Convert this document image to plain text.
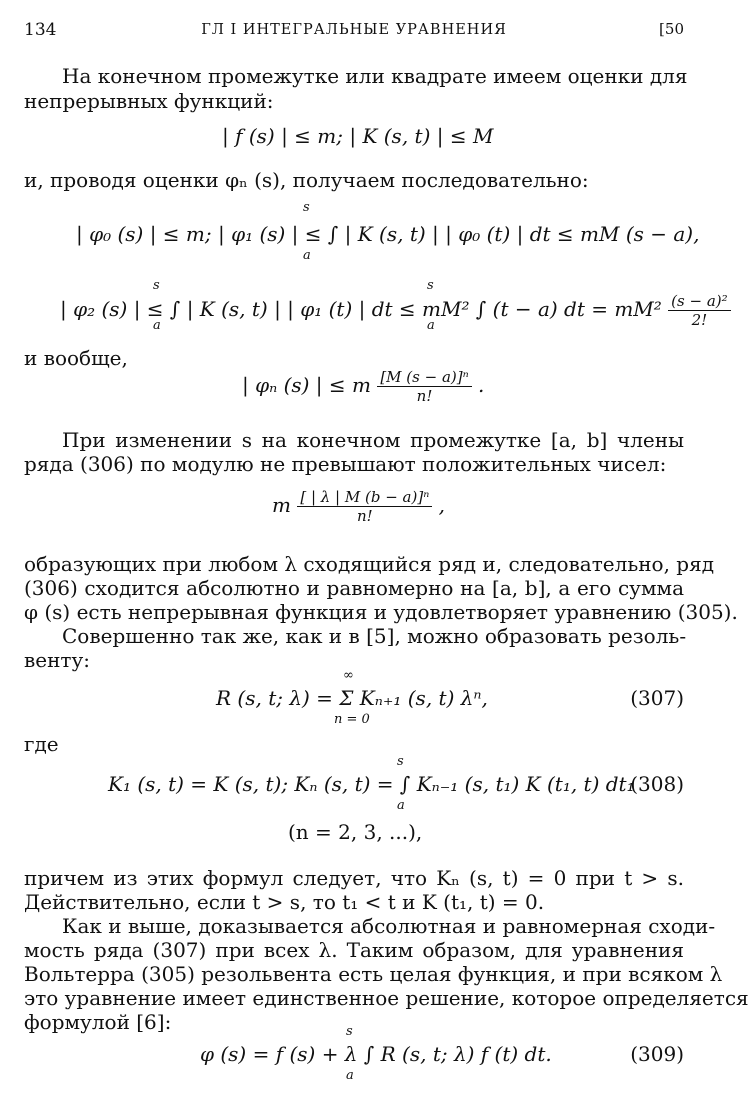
134	ГЛ I ИНТЕГРАЛЬНЫЕ УРАВНЕНИЯ	[50
На конечном промежутке или квадрате имеем оценки для
непрерывных функций:
| f (s) | ≤ m; | K (s, t) | ≤ M
и, проводя оценки φₙ (s), получаем последовательно:
s
| φ₀ (s) | ≤ m; | φ₁ (s) | ≤ ∫ | K (s, t) | | φ₀ (t) | dt ≤ mM (s − a),
a
s	s
| φ₂ (s) | ≤ ∫ | K (s, t) | | φ₁ (t) | dt ≤ mM² ∫ (t − a) dt = $mM^2 \frac{\text{(s − a)²}}{2!}$
a	a
и вообще,
| φₙ (s) | ≤ m $\frac{\text{[M (s − a)]ⁿ}}{n!}$ .
При изменении s на конечном промежутке [a, b] члены
ряда (306) по модулю не превышают положительных чисел:
m $\frac{\text{[ | λ | M (b − a)]ⁿ}}{n!}$ ,
образующих при любом λ сходящийся ряд и, следовательно, ряд
(306) сходится абсолютно и равномерно на [a, b], а его сумма
φ (s) есть непрерывная функция и удовлетворяет уравнению (305).
Совершенно так же, как и в [5], можно образовать резоль-
венту:
∞
R (s, t; λ) = Σ Kₙ₊₁ (s, t) λⁿ,	(307)
n = 0
где
s
K₁ (s, t) = K (s, t); Kₙ (s, t) = ∫ Kₙ₋₁ (s, t₁) K (t₁, t) dt₁
(308)
a
(n = 2, 3, ...),
причем из этих формул следует, что Kₙ (s, t) = 0 при t > s.
Действительно, если t > s, то t₁ < t и K (t₁, t) = 0.
Как и выше, доказывается абсолютная и равномерная сходи-
мость ряда (307) при всех λ. Таким образом, для уравнения
Вольтерра (305) резольвента есть целая функция, и при всяком λ
это уравнение имеет единственное решение, которое определяется
формулой [6]:	s
φ (s) = f (s) + λ ∫ R (s, t; λ) f (t) dt.	(309)
a
